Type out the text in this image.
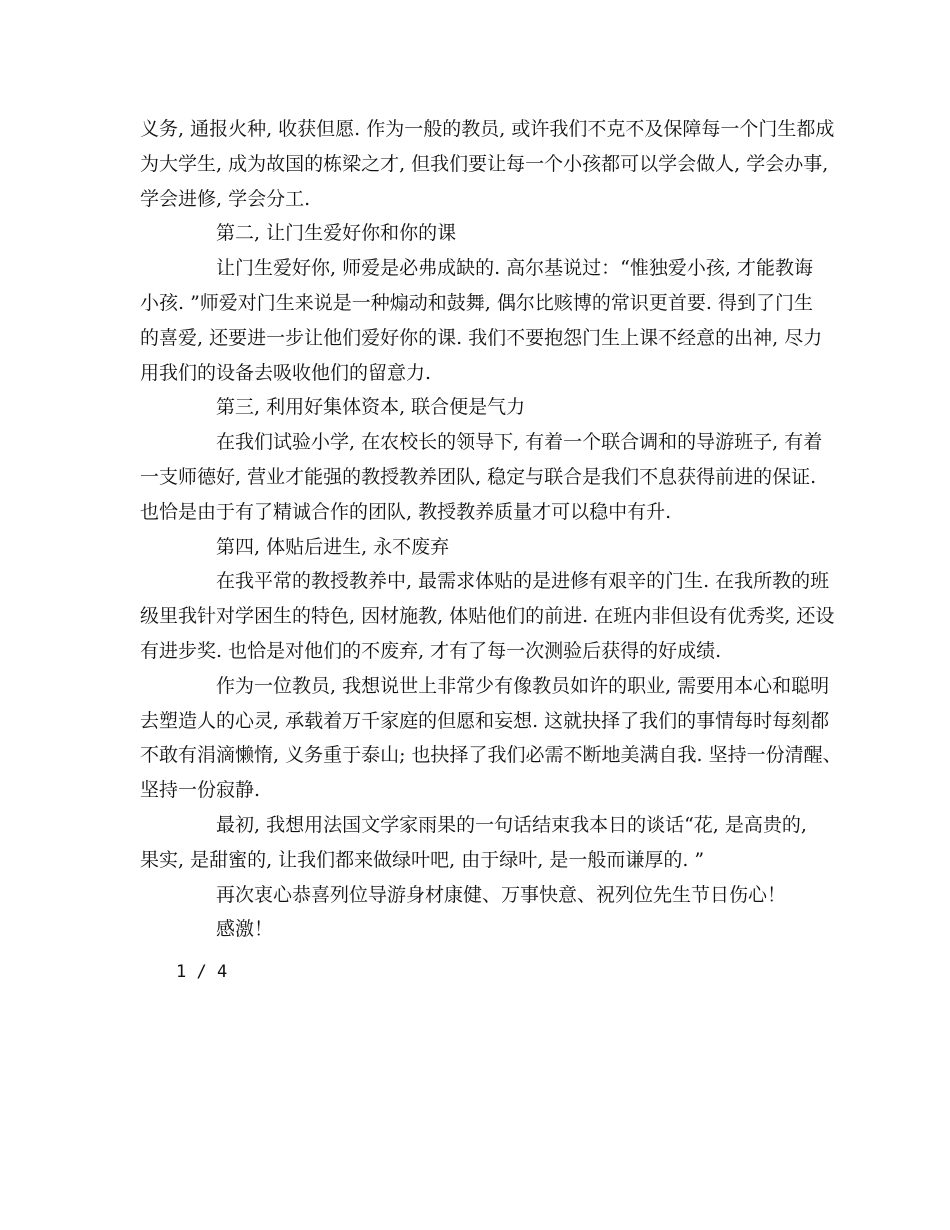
义务, 通报火种, 收获但愿. 作为一般的教员, 或许我们不克不及保障每一个门生都成
为大学生, 成为故国的栋梁之才, 但我们要让每一个小孩都可以学会做人, 学会办事,
学会进修, 学会分工.
第二, 让门生爱好你和你的课
让门生爱好你, 师爱是必弗成缺的. 高尔基说过：“惟独爱小孩, 才能教诲
小孩. ”师爱对门生来说是一种煽动和鼓舞, 偶尔比赅博的常识更首要. 得到了门生
的喜爱, 还要进一步让他们爱好你的课. 我们不要抱怨门生上课不经意的出神, 尽力
用我们的设备去吸收他们的留意力.
第三, 利用好集体资本, 联合便是气力
在我们试验小学, 在农校长的领导下, 有着一个联合调和的导游班子, 有着
一支师德好, 营业才能强的教授教养团队, 稳定与联合是我们不息获得前进的保证.
也恰是由于有了精诚合作的团队, 教授教养质量才可以稳中有升.
第四, 体贴后进生, 永不废弃
在我平常的教授教养中, 最需求体贴的是进修有艰辛的门生. 在我所教的班
级里我针对学困生的特色, 因材施教, 体贴他们的前进. 在班内非但设有优秀奖, 还设
有进步奖. 也恰是对他们的不废弃, 才有了每一次测验后获得的好成绩.
作为一位教员, 我想说世上非常少有像教员如许的职业, 需要用本心和聪明
去塑造人的心灵, 承载着万千家庭的但愿和妄想. 这就抉择了我们的事情每时每刻都
不敢有涓滴懒惰, 义务重于泰山; 也抉择了我们必需不断地美满自我. 坚持一份清醒、
坚持一份寂静.
最初, 我想用法国文学家雨果的一句话结束我本日的谈话“花, 是高贵的,
果实, 是甜蜜的, 让我们都来做绿叶吧, 由于绿叶, 是一般而谦厚的. ”
再次衷心恭喜列位导游身材康健、万事快意、祝列位先生节日伤心！
感激！
1 / 4
